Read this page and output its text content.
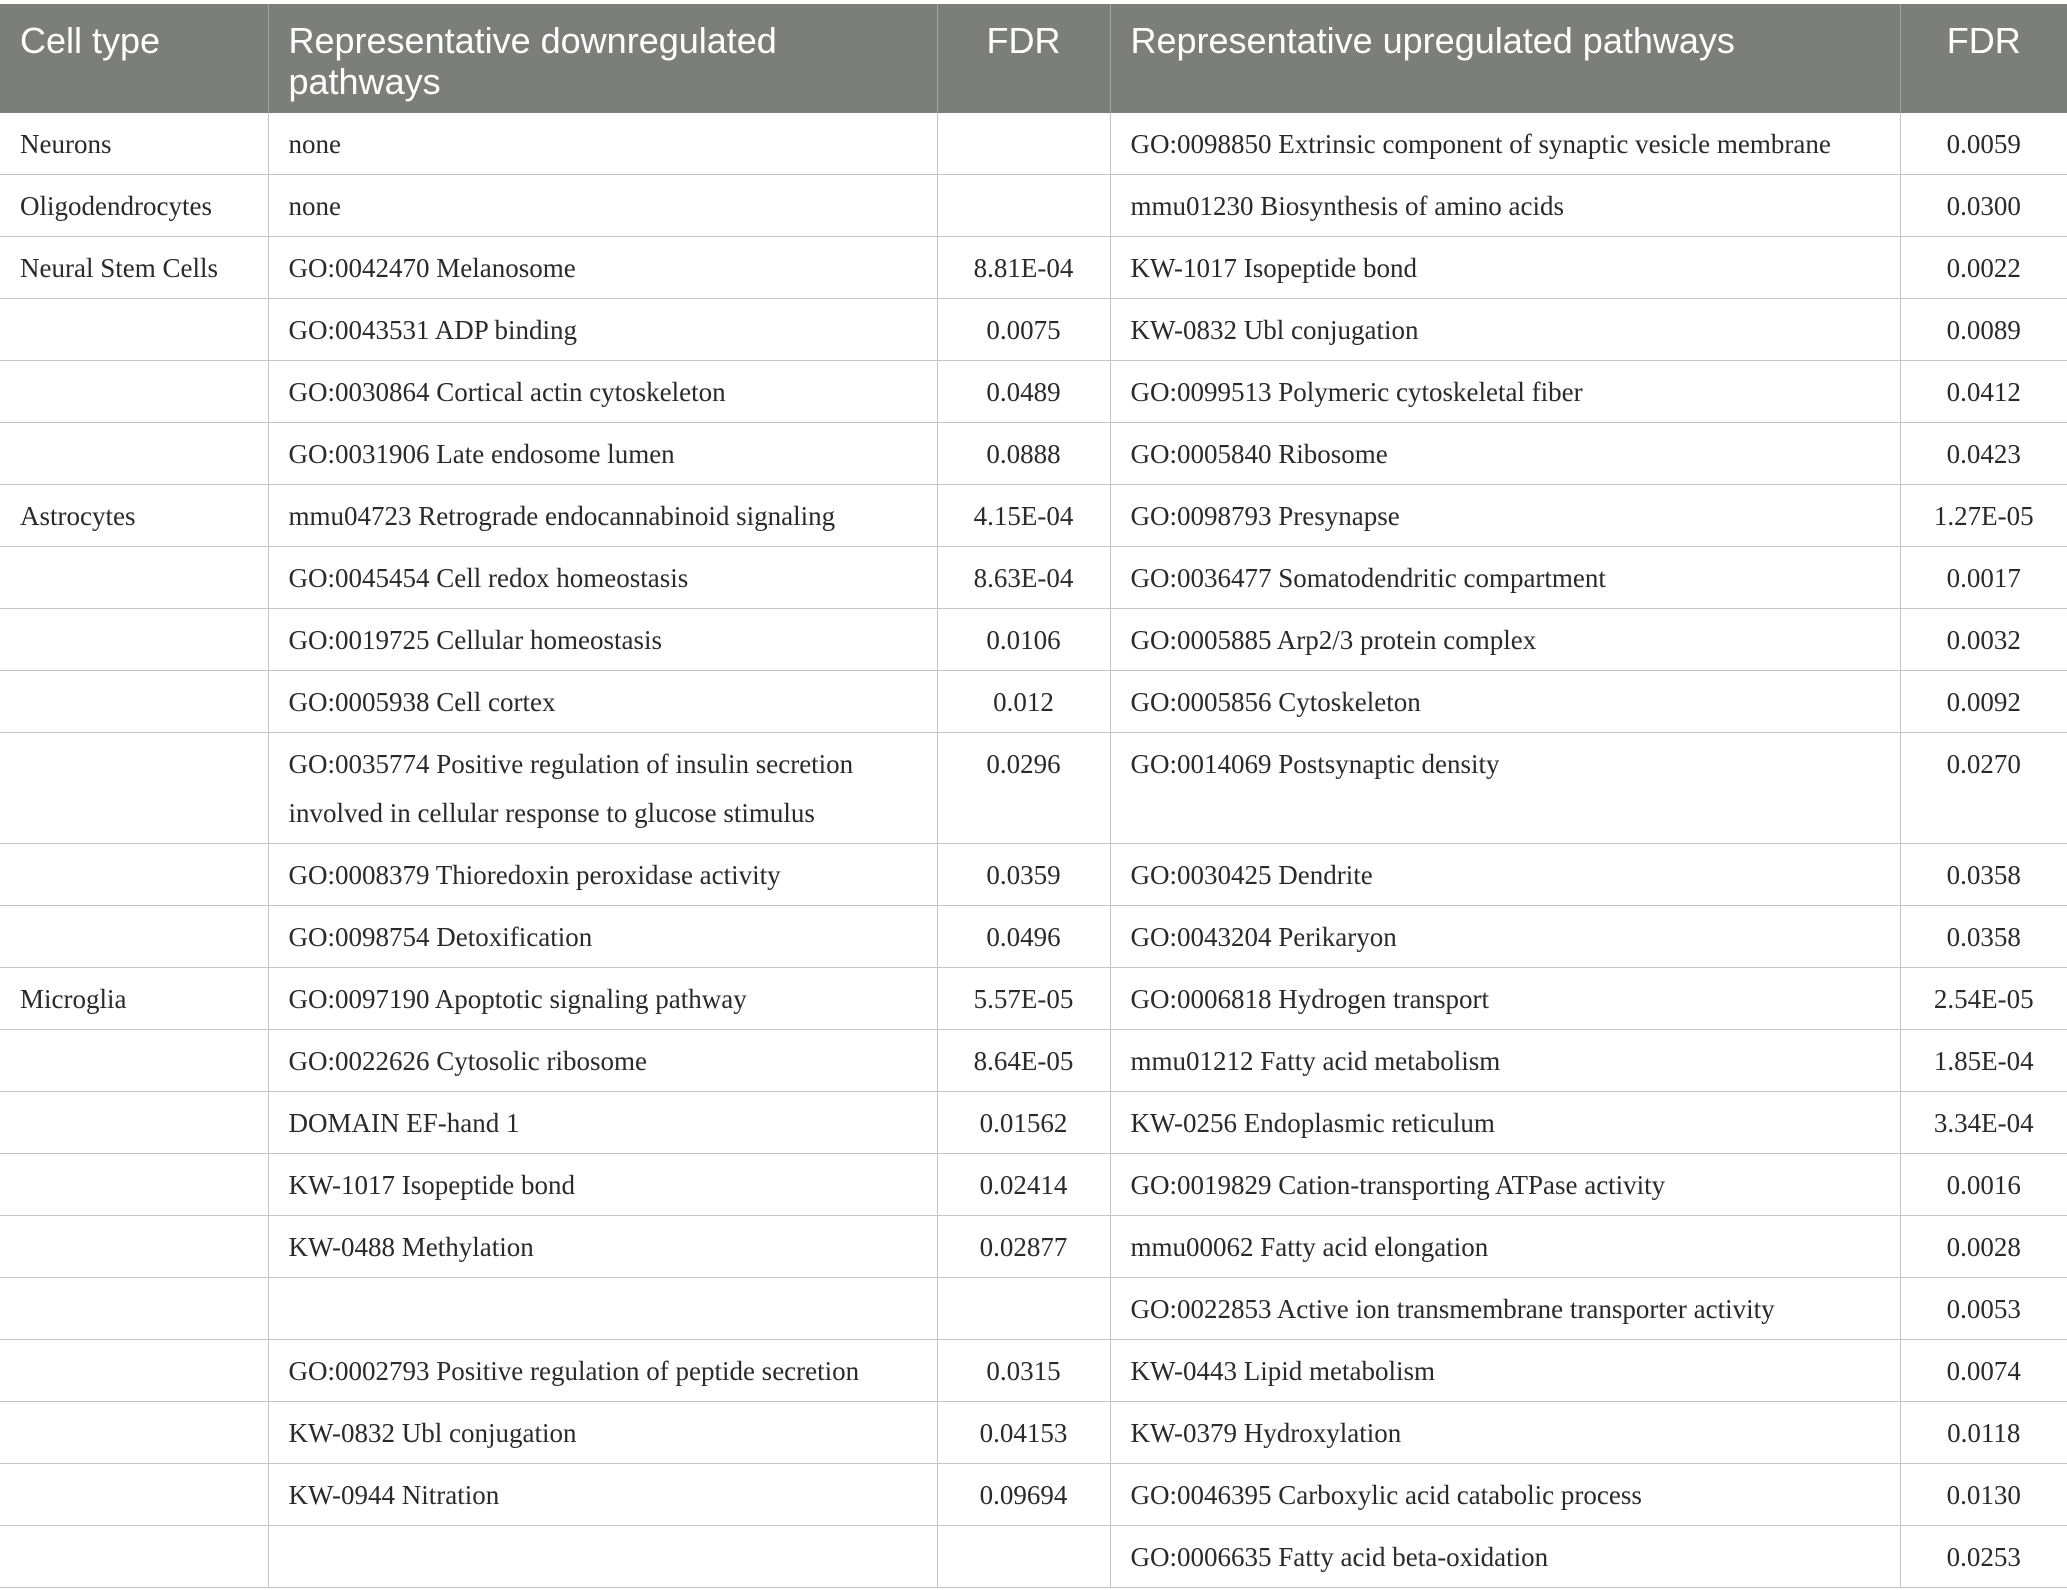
Cell type	Representative downregulated pathways	FDR	Representative upregulated pathways	FDR
Neurons	none		GO:0098850 Extrinsic component of synaptic vesicle membrane	0.0059
Oligodendrocytes	none		mmu01230 Biosynthesis of amino acids	0.0300
Neural Stem Cells	GO:0042470 Melanosome	8.81E-04	KW-1017 Isopeptide bond	0.0022
	GO:0043531 ADP binding	0.0075	KW-0832 Ubl conjugation	0.0089
	GO:0030864 Cortical actin cytoskeleton	0.0489	GO:0099513 Polymeric cytoskeletal fiber	0.0412
	GO:0031906 Late endosome lumen	0.0888	GO:0005840 Ribosome	0.0423
Astrocytes	mmu04723 Retrograde endocannabinoid signaling	4.15E-04	GO:0098793 Presynapse	1.27E-05
	GO:0045454 Cell redox homeostasis	8.63E-04	GO:0036477 Somatodendritic compartment	0.0017
	GO:0019725 Cellular homeostasis	0.0106	GO:0005885 Arp2/3 protein complex	0.0032
	GO:0005938 Cell cortex	0.012	GO:0005856 Cytoskeleton	0.0092
	GO:0035774 Positive regulation of insulin secretion involved in cellular response to glucose stimulus	0.0296	GO:0014069 Postsynaptic density	0.0270
	GO:0008379 Thioredoxin peroxidase activity	0.0359	GO:0030425 Dendrite	0.0358
	GO:0098754 Detoxification	0.0496	GO:0043204 Perikaryon	0.0358
Microglia	GO:0097190 Apoptotic signaling pathway	5.57E-05	GO:0006818 Hydrogen transport	2.54E-05
	GO:0022626 Cytosolic ribosome	8.64E-05	mmu01212 Fatty acid metabolism	1.85E-04
	DOMAIN EF-hand 1	0.01562	KW-0256 Endoplasmic reticulum	3.34E-04
	KW-1017 Isopeptide bond	0.02414	GO:0019829 Cation-transporting ATPase activity	0.0016
	KW-0488 Methylation	0.02877	mmu00062 Fatty acid elongation	0.0028
			GO:0022853 Active ion transmembrane transporter activity	0.0053
	GO:0002793 Positive regulation of peptide secretion	0.0315	KW-0443 Lipid metabolism	0.0074
	KW-0832 Ubl conjugation	0.04153	KW-0379 Hydroxylation	0.0118
	KW-0944 Nitration	0.09694	GO:0046395 Carboxylic acid catabolic process	0.0130
			GO:0006635 Fatty acid beta-oxidation	0.0253
